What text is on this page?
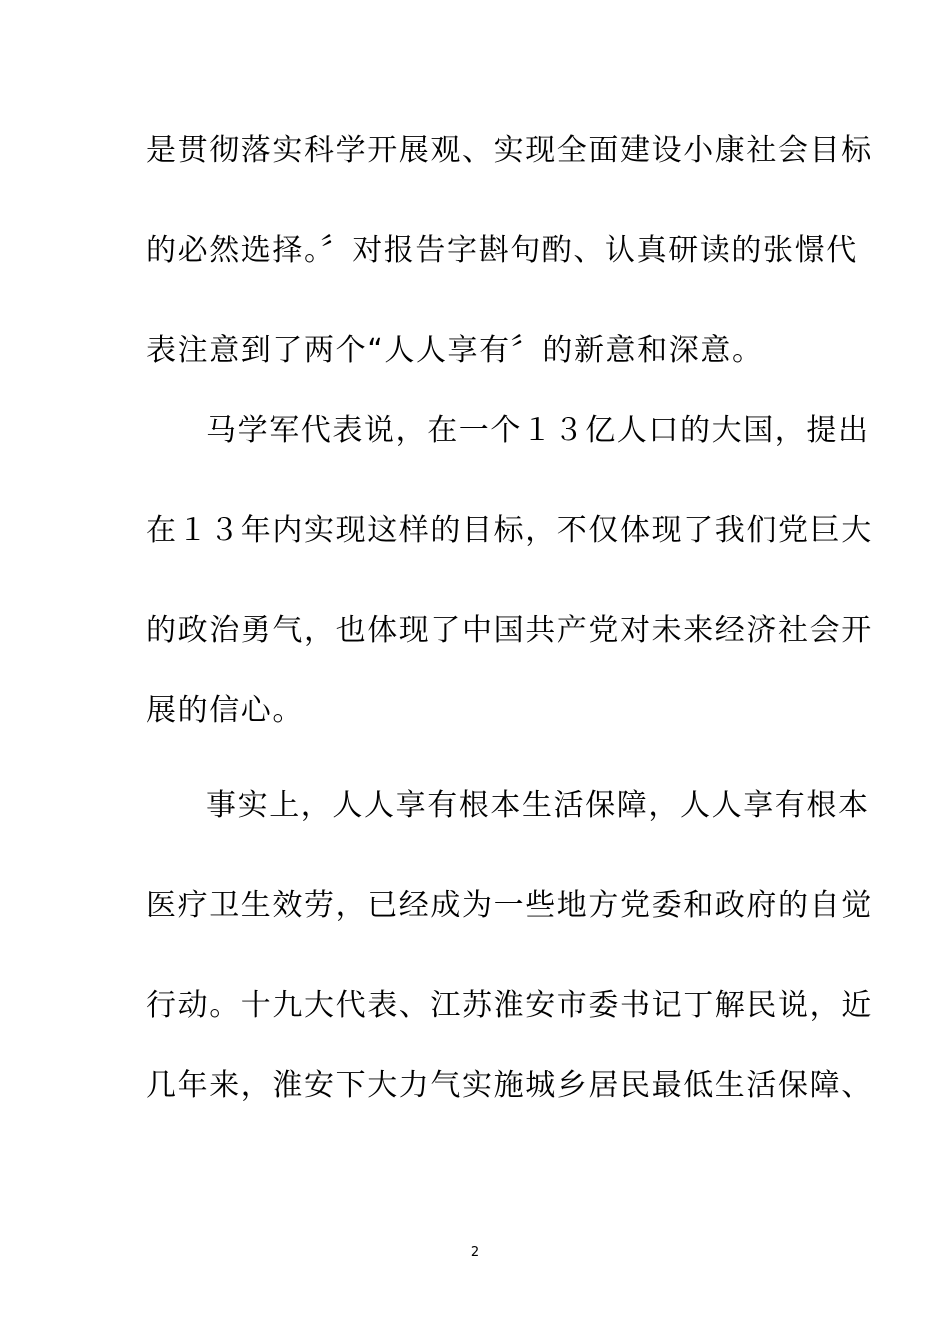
是贯彻落实科学开展观、实现全面建设小康社会目标
的必然选择。〞对报告字斟句酌、认真研读的张憬代
表注意到了两个“人人享有〞的新意和深意。
马学军代表说，在一个１３亿人口的大国，提出
在１３年内实现这样的目标，不仅体现了我们党巨大
的政治勇气，也体现了中国共产党对未来经济社会开
展的信心。
事实上，人人享有根本生活保障，人人享有根本
医疗卫生效劳，已经成为一些地方党委和政府的自觉
行动。十九大代表、江苏淮安市委书记丁解民说，近
几年来，淮安下大力气实施城乡居民最低生活保障、
2
